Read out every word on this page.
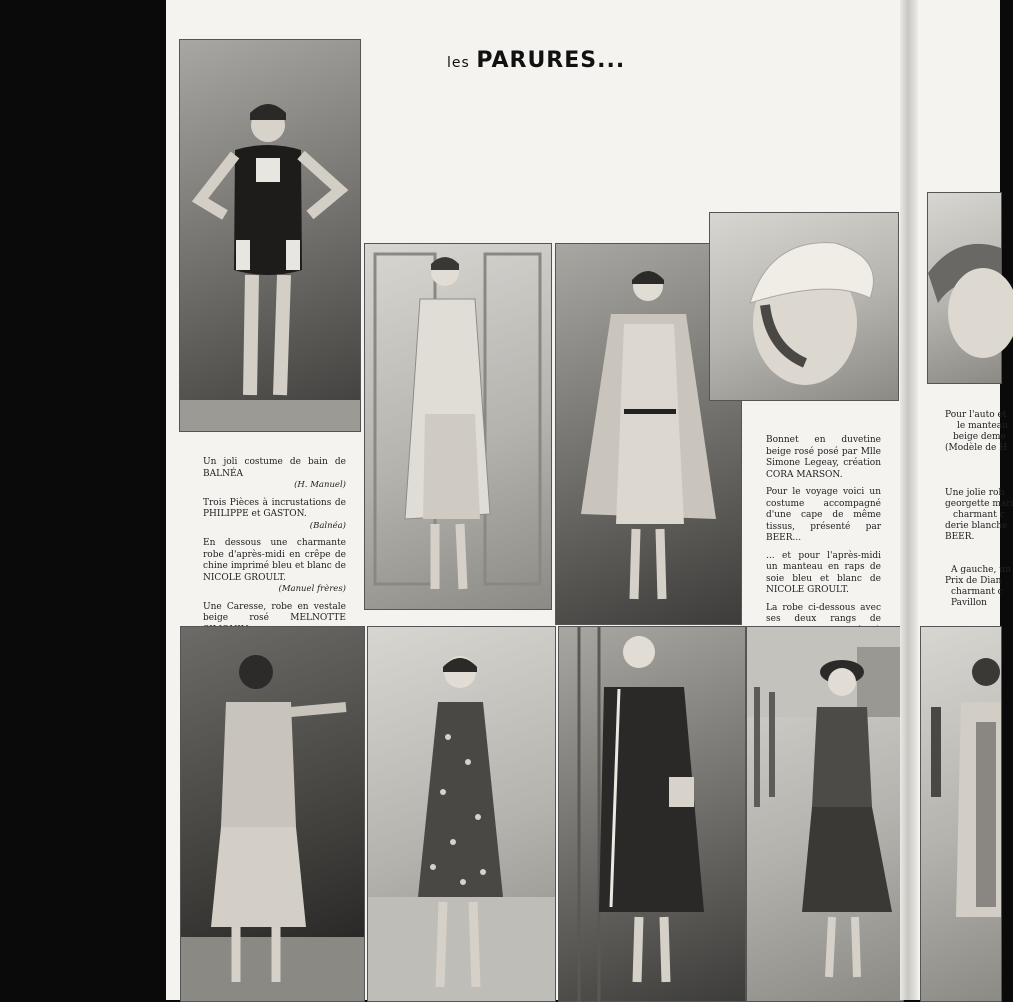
les PARURES...

Un joli costume de bain de BALNÉA
(H. Manuel)

Trois Pièces à incrustations de PHILIPPE et GASTON.
(Balnéa)

En dessous une charmante robe d'après-midi en crêpe de chine imprimé bleu et blanc de NICOLE GROULT.
(Manuel frères)

Une Caresse, robe en vestale beige rosé MELNOTTE

Bonnet en duvetine beige rosé posé par Mlle Simone Legeay, création CORA MARSON.

Pour le voyage voici un costume accompagné d'une cape de même tissus, présenté par BEER...

... et pour l'après-midi un manteau en raps de soie bleu et blanc de NICOLE GROULT.

La robe ci-dessous avec ses deux rangs de

Pour l'auto et
le manteau
beige deme
(Modèle de H
Une jolie rob
georgette mari
charmant c
derie blanche
BEER.
A gauche, un
Prix de Dian
charmant c
Pavillon
